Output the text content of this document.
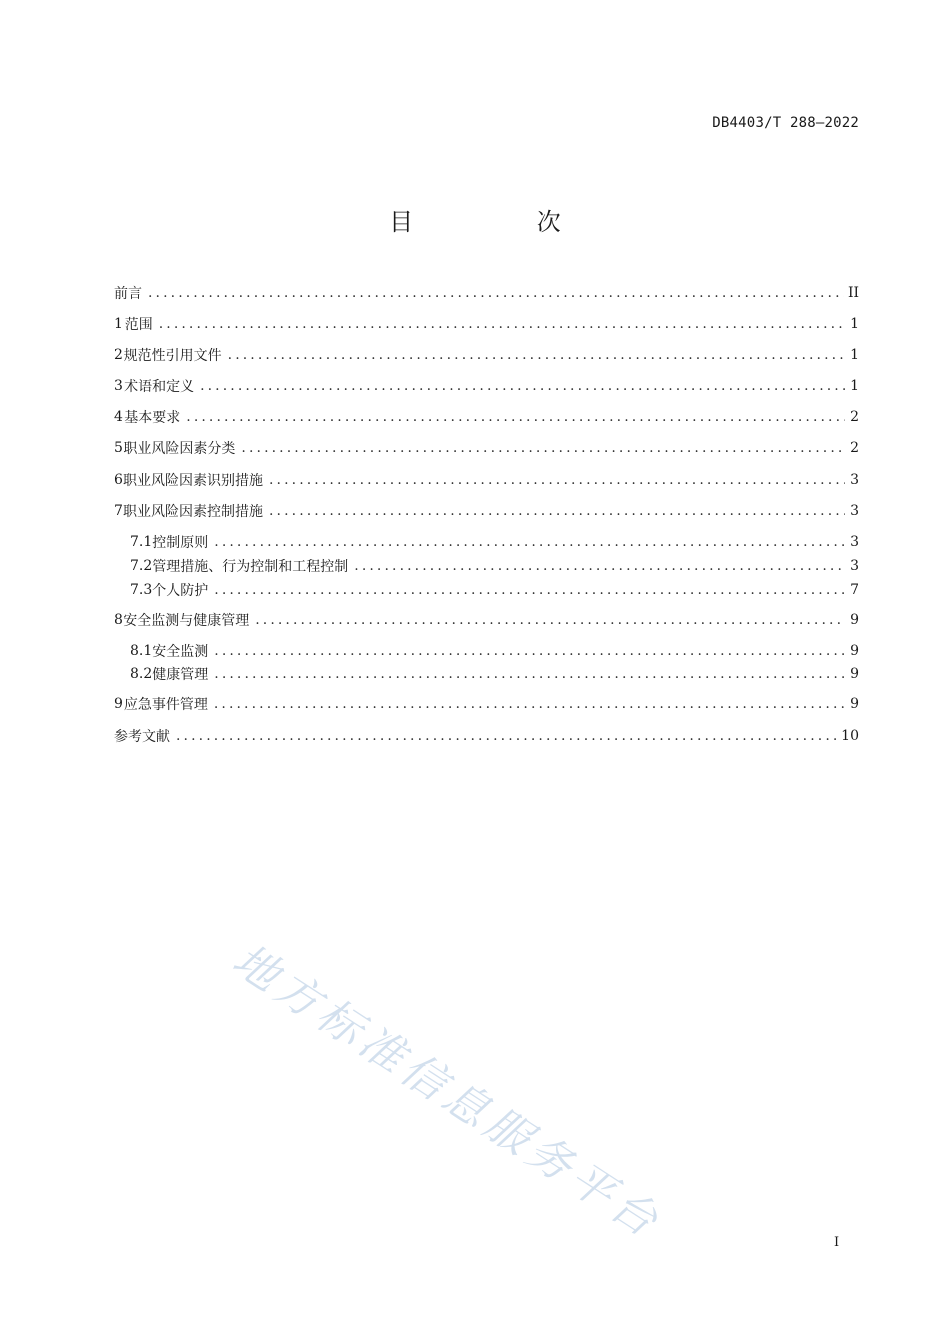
DB4403/T 288—2022
目 次
前言 .....	II
1 范围 .....	1
2 规范性引用文件 .....	1
3 术语和定义 .....	1
4 基本要求 .....	2
5 职业风险因素分类 .....	2
6 职业风险因素识别措施 .....	3
7 职业风险因素控制措施 .....	3
7.1 控制原则 .....	3
7.2 管理措施、行为控制和工程控制 .....	3
7.3 个人防护 .....	7
8 安全监测与健康管理 .....	9
8.1 安全监测 .....	9
8.2 健康管理 .....	9
9 应急事件管理 .....	9
参考文献 .....	10
地方标准信息服务平台	I
